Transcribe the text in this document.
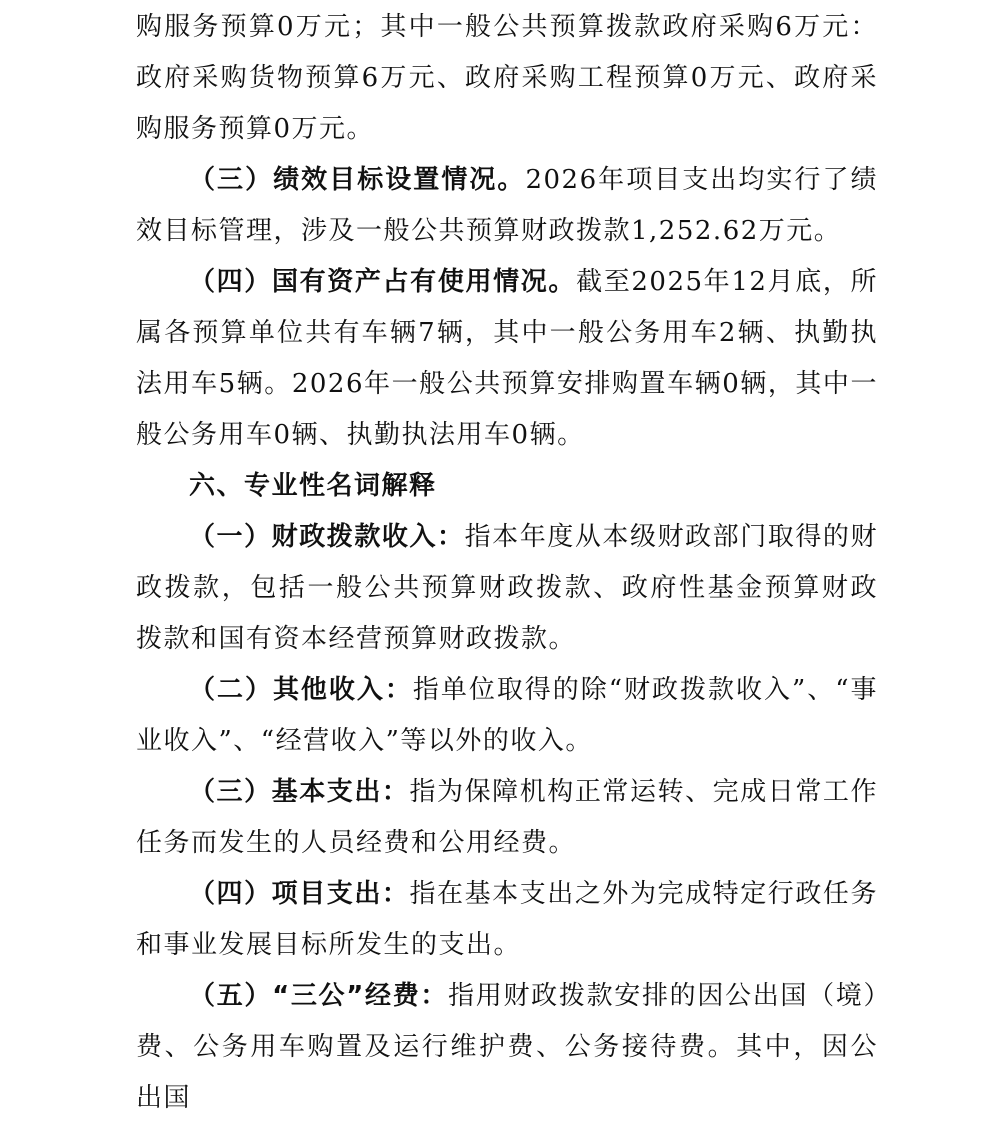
购服务预算0万元；其中一般公共预算拨款政府采购6万元：政府采购货物预算6万元、政府采购工程预算0万元、政府采购服务预算0万元。

（三）绩效目标设置情况。2026年项目支出均实行了绩效目标管理，涉及一般公共预算财政拨款1,252.62万元。

（四）国有资产占有使用情况。截至2025年12月底，所属各预算单位共有车辆7辆，其中一般公务用车2辆、执勤执法用车5辆。2026年一般公共预算安排购置车辆0辆，其中一般公务用车0辆、执勤执法用车0辆。

六、专业性名词解释

（一）财政拨款收入：指本年度从本级财政部门取得的财政拨款，包括一般公共预算财政拨款、政府性基金预算财政拨款和国有资本经营预算财政拨款。

（二）其他收入：指单位取得的除“财政拨款收入”、“事业收入”、“经营收入”等以外的收入。

（三）基本支出：指为保障机构正常运转、完成日常工作任务而发生的人员经费和公用经费。

（四）项目支出：指在基本支出之外为完成特定行政任务和事业发展目标所发生的支出。

（五）“三公”经费：指用财政拨款安排的因公出国（境）费、公务用车购置及运行维护费、公务接待费。其中，因公出国
